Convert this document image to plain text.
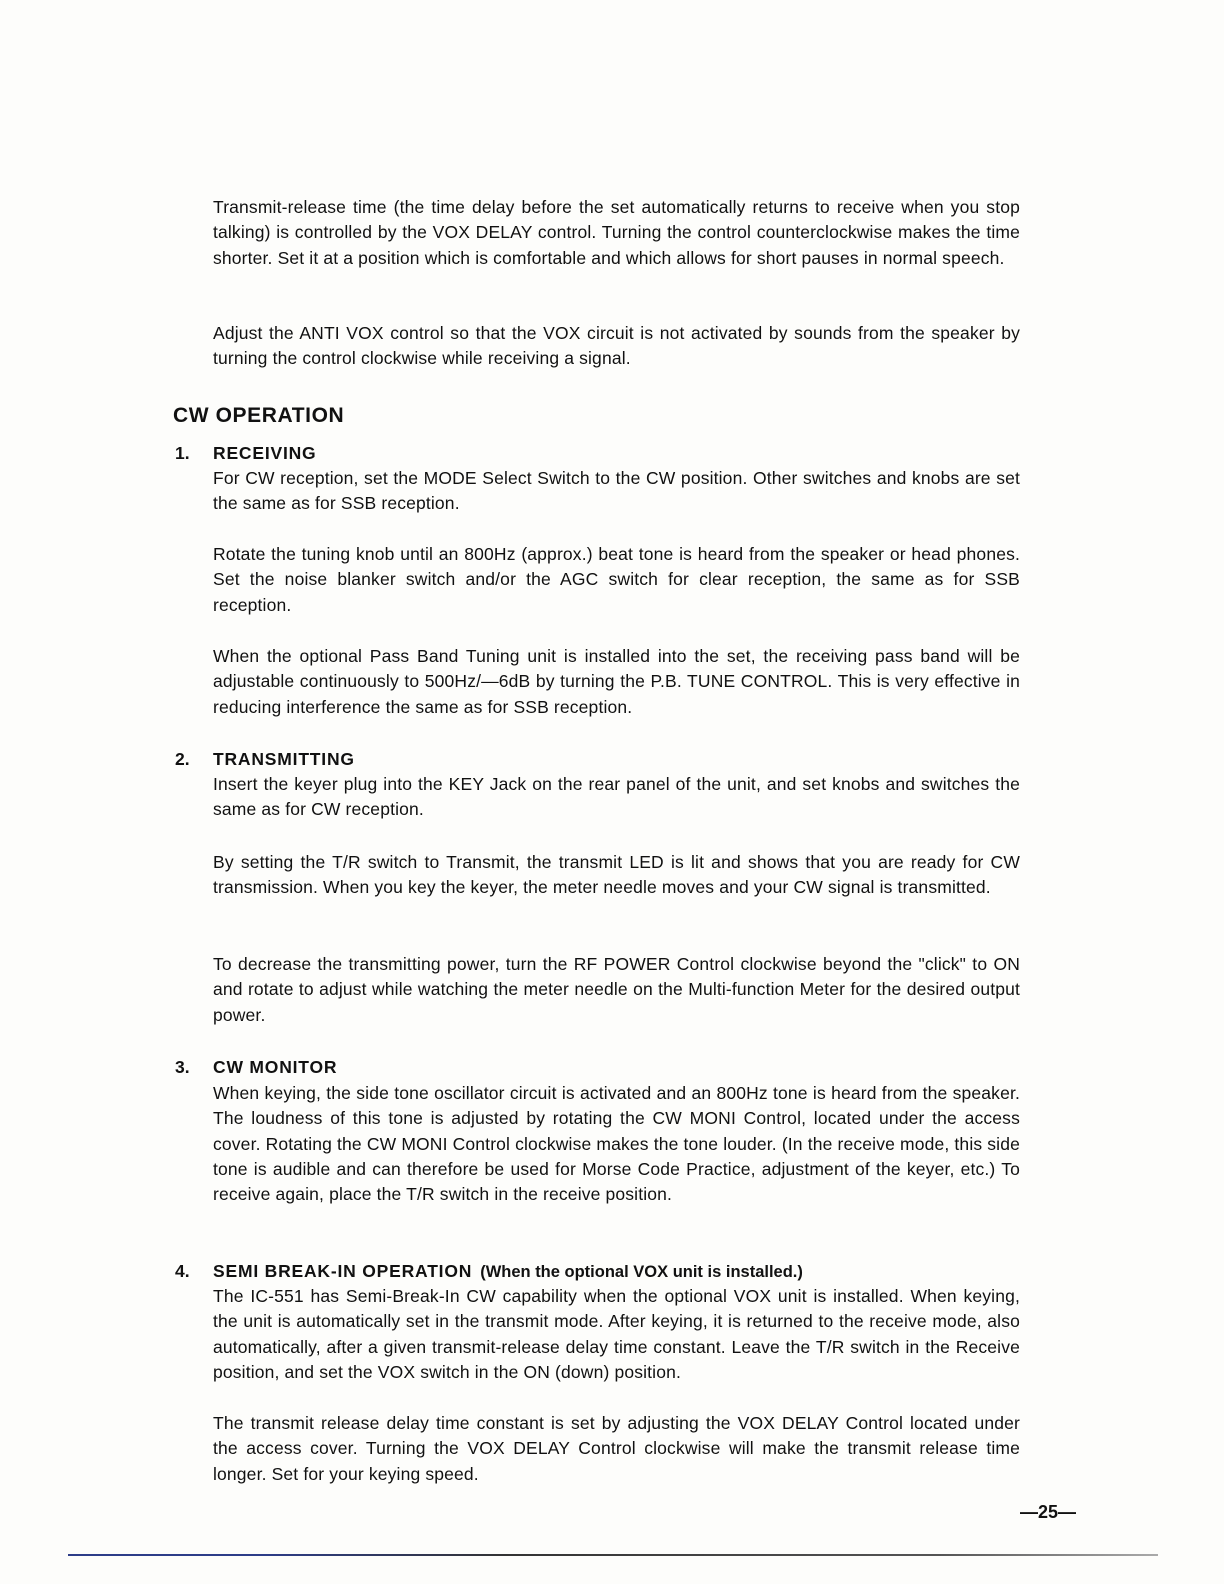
Transmit-release time (the time delay before the set automatically returns to receive when you stop talking) is controlled by the VOX DELAY control. Turning the control counterclockwise makes the time shorter. Set it at a position which is comfortable and which allows for short pauses in normal speech.

Adjust the ANTI VOX control so that the VOX circuit is not activated by sounds from the speaker by turning the control clockwise while receiving a signal.

CW OPERATION
1. RECEIVING

For CW reception, set the MODE Select Switch to the CW position. Other switches and knobs are set the same as for SSB reception.

Rotate the tuning knob until an 800Hz (approx.) beat tone is heard from the speaker or head phones. Set the noise blanker switch and/or the AGC switch for clear reception, the same as for SSB reception.

When the optional Pass Band Tuning unit is installed into the set, the receiving pass band will be adjustable continuously to 500Hz/—6dB by turning the P.B. TUNE CONTROL. This is very effective in reducing interference the same as for SSB reception.

2. TRANSMITTING

Insert the keyer plug into the KEY Jack on the rear panel of the unit, and set knobs and switches the same as for CW reception.

By setting the T/R switch to Transmit, the transmit LED is lit and shows that you are ready for CW transmission. When you key the keyer, the meter needle moves and your CW signal is transmitted.

To decrease the transmitting power, turn the RF POWER Control clockwise beyond the "click" to ON and rotate to adjust while watching the meter needle on the Multi-function Meter for the desired output power.

3. CW MONITOR

When keying, the side tone oscillator circuit is activated and an 800Hz tone is heard from the speaker. The loudness of this tone is adjusted by rotating the CW MONI Control, located under the access cover. Rotating the CW MONI Control clockwise makes the tone louder. (In the receive mode, this side tone is audible and can therefore be used for Morse Code Practice, adjustment of the keyer, etc.) To receive again, place the T/R switch in the receive position.

4. SEMI BREAK-IN OPERATION (When the optional VOX unit is installed.)

The IC-551 has Semi-Break-In CW capability when the optional VOX unit is installed. When keying, the unit is automatically set in the transmit mode. After keying, it is returned to the receive mode, also automatically, after a given transmit-release delay time constant. Leave the T/R switch in the Receive position, and set the VOX switch in the ON (down) position.

The transmit release delay time constant is set by adjusting the VOX DELAY Control located under the access cover. Turning the VOX DELAY Control clockwise will make the transmit release time longer. Set for your keying speed.

—25—
